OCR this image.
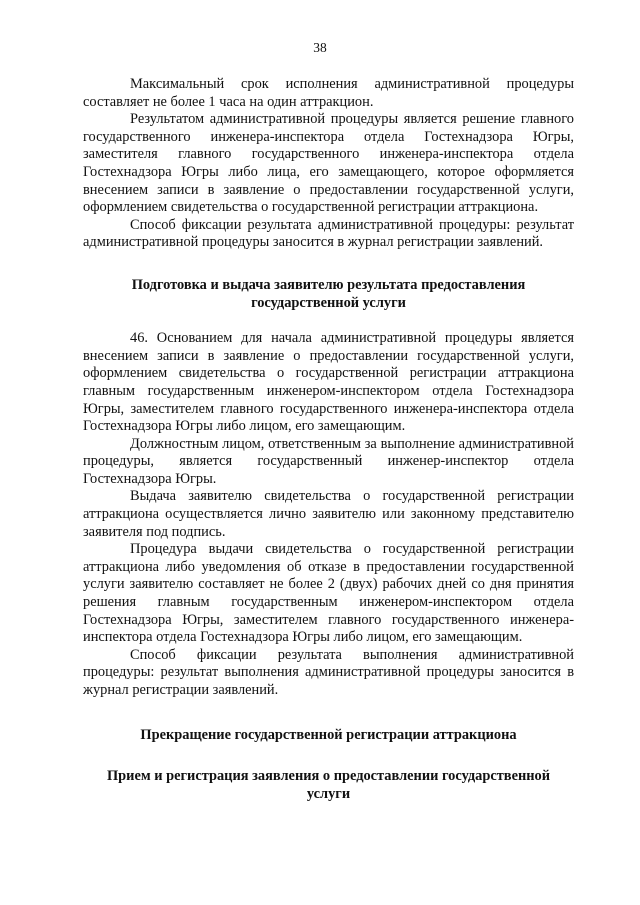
38

Максимальный срок исполнения административной процедуры составляет не более 1 часа на один аттракцион.

Результатом административной процедуры является решение главного государственного инженера-инспектора отдела Гостехнадзора Югры, заместителя главного государственного инженера-инспектора отдела Гостехнадзора Югры либо лица, его замещающего, которое оформляется внесением записи в заявление о предоставлении государственной услуги, оформлением свидетельства о государственной регистрации аттракциона.

Способ фиксации результата административной процедуры: результат административной процедуры заносится в журнал регистрации заявлений.

Подготовка и выдача заявителю результата предоставления государственной услуги

46. Основанием для начала административной процедуры является внесением записи в заявление о предоставлении государственной услуги, оформлением свидетельства о государственной регистрации аттракциона главным государственным инженером-инспектором отдела Гостехнадзора Югры, заместителем главного государственного инженера-инспектора отдела Гостехнадзора Югры либо лицом, его замещающим.

Должностным лицом, ответственным за выполнение административной процедуры, является государственный инженер-инспектор отдела Гостехнадзора Югры.

Выдача заявителю свидетельства о государственной регистрации аттракциона осуществляется лично заявителю или законному представителю заявителя под подпись.

Процедура выдачи свидетельства о государственной регистрации аттракциона либо уведомления об отказе в предоставлении государственной услуги заявителю составляет не более 2 (двух) рабочих дней со дня принятия решения главным государственным инженером-инспектором отдела Гостехнадзора Югры, заместителем главного государственного инженера-инспектора отдела Гостехнадзора Югры либо лицом, его замещающим.

Способ фиксации результата выполнения административной процедуры: результат выполнения административной процедуры заносится в журнал регистрации заявлений.

Прекращение государственной регистрации аттракциона
Прием и регистрация заявления о предоставлении государственной услуги
